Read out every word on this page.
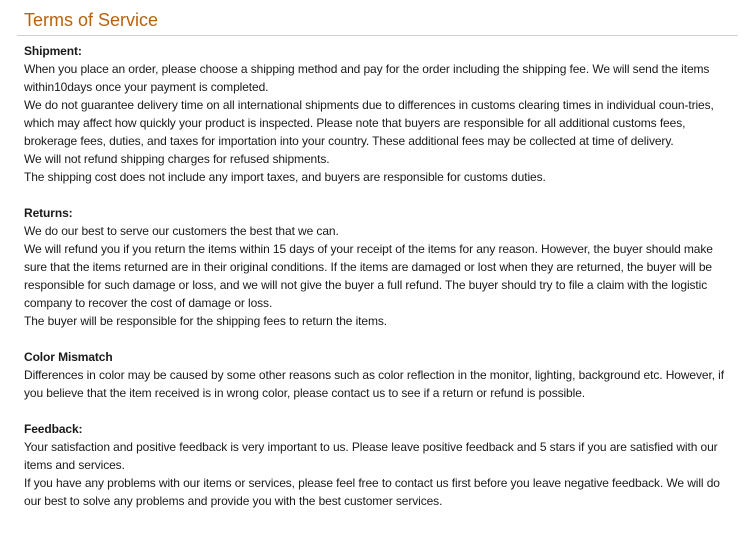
Terms of Service
Shipment:
When you place an order, please choose a shipping method and pay for the order including the shipping fee. We will send the items within10days once your payment is completed.
We do not guarantee delivery time on all international shipments due to differences in customs clearing times in individual coun-tries, which may affect how quickly your product is inspected. Please note that buyers are responsible for all additional customs fees, brokerage fees, duties, and taxes for importation into your country. These additional fees may be collected at time of delivery.
We will not refund shipping charges for refused shipments.
The shipping cost does not include any import taxes, and buyers are responsible for customs duties.
Returns:
We do our best to serve our customers the best that we can.
We will refund you if you return the items within 15 days of your receipt of the items for any reason. However, the buyer should make sure that the items returned are in their original conditions. If the items are damaged or lost when they are returned, the buyer will be responsible for such damage or loss, and we will not give the buyer a full refund. The buyer should try to file a claim with the logistic company to recover the cost of damage or loss.
The buyer will be responsible for the shipping fees to return the items.
Color Mismatch
Differences in color may be caused by some other reasons such as color reflection in the monitor, lighting, background etc. However, if you believe that the item received is in wrong color, please contact us to see if a return or refund is possible.
Feedback:
Your satisfaction and positive feedback is very important to us. Please leave positive feedback and 5 stars if you are satisfied with our items and services.
If you have any problems with our items or services, please feel free to contact us first before you leave negative feedback. We will do our best to solve any problems and provide you with the best customer services.
